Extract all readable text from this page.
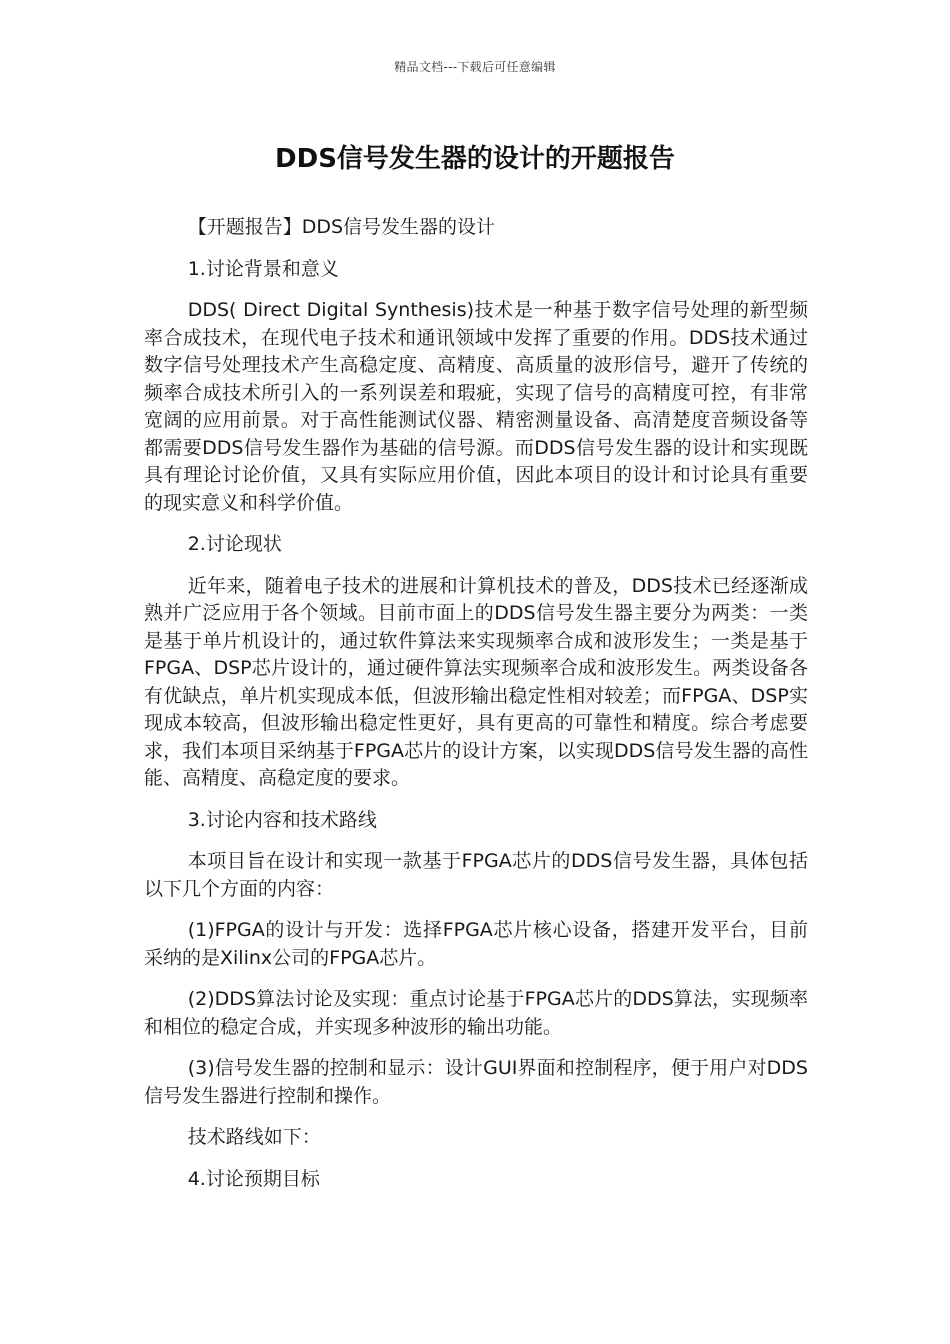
精品文档---下载后可任意编辑
DDS信号发生器的设计的开题报告

【开题报告】DDS信号发生器的设计

1.讨论背景和意义

DDS( Direct Digital Synthesis)技术是一种基于数字信号处理的新型频率合成技术，在现代电子技术和通讯领域中发挥了重要的作用。DDS技术通过数字信号处理技术产生高稳定度、高精度、高质量的波形信号，避开了传统的频率合成技术所引入的一系列误差和瑕疵，实现了信号的高精度可控，有非常宽阔的应用前景。对于高性能测试仪器、精密测量设备、高清楚度音频设备等都需要DDS信号发生器作为基础的信号源。而DDS信号发生器的设计和实现既具有理论讨论价值，又具有实际应用价值，因此本项目的设计和讨论具有重要的现实意义和科学价值。

2.讨论现状

近年来，随着电子技术的进展和计算机技术的普及，DDS技术已经逐渐成熟并广泛应用于各个领域。目前市面上的DDS信号发生器主要分为两类：一类是基于单片机设计的，通过软件算法来实现频率合成和波形发生；一类是基于FPGA、DSP芯片设计的，通过硬件算法实现频率合成和波形发生。两类设备各有优缺点，单片机实现成本低，但波形输出稳定性相对较差；而FPGA、DSP实现成本较高，但波形输出稳定性更好，具有更高的可靠性和精度。综合考虑要求，我们本项目采纳基于FPGA芯片的设计方案，以实现DDS信号发生器的高性能、高精度、高稳定度的要求。

3.讨论内容和技术路线

本项目旨在设计和实现一款基于FPGA芯片的DDS信号发生器，具体包括以下几个方面的内容：

(1)FPGA的设计与开发：选择FPGA芯片核心设备，搭建开发平台，目前采纳的是Xilinx公司的FPGA芯片。

(2)DDS算法讨论及实现：重点讨论基于FPGA芯片的DDS算法，实现频率和相位的稳定合成，并实现多种波形的输出功能。

(3)信号发生器的控制和显示：设计GUI界面和控制程序，便于用户对DDS信号发生器进行控制和操作。

技术路线如下：

4.讨论预期目标
